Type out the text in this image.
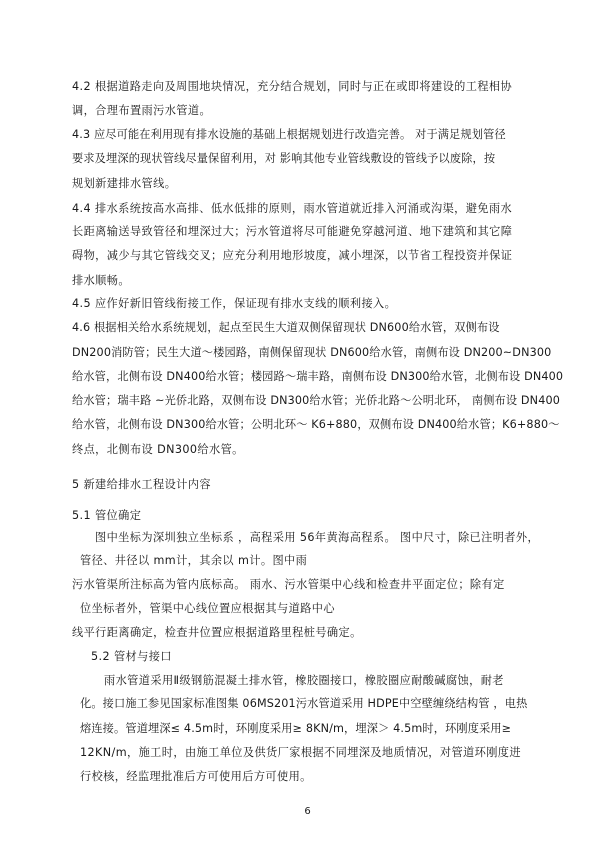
4.2 根据道路走向及周围地块情况，充分结合规划，同时与正在或即将建设的工程相协
调，合理布置雨污水管道。
4.3 应尽可能在利用现有排水设施的基础上根据规划进行改造完善。 对于满足规划管径
要求及埋深的现状管线尽量保留利用，对 影响其他专业管线敷设的管线予以废除，按
规划新建排水管线。
4.4 排水系统按高水高排、低水低排的原则，雨水管道就近排入河涌或沟渠，避免雨水
长距离输送导致管径和埋深过大；污水管道将尽可能避免穿越河道、地下建筑和其它障
碍物，减少与其它管线交叉；应充分利用地形坡度，减小埋深，以节省工程投资并保证
排水顺畅。
4.5 应作好新旧管线衔接工作，保证现有排水支线的顺利接入。
4.6 根据相关给水系统规划，起点至民生大道双侧保留现状 DN600给水管，双侧布设
DN200消防管；民生大道～楼园路，南侧保留现状 DN600给水管，南侧布设 DN200~DN300
给水管，北侧布设 DN400给水管；楼园路～瑞丰路，南侧布设 DN300给水管，北侧布设 DN400
给水管；瑞丰路 ~光侨北路，双侧布设 DN300给水管；光侨北路～公明北环， 南侧布设 DN400
给水管，北侧布设 DN300给水管；公明北环～ K6+880，双侧布设 DN400给水管；K6+880～
终点，北侧布设 DN300给水管。
5 新建给排水工程设计内容
5.1 管位确定
图中坐标为深圳独立坐标系 ，高程采用 56年黄海高程系。 图中尺寸，除已注明者外，
管径、井径以 mm计，其余以 m计。图中雨
污水管渠所注标高为管内底标高。 雨水、污水管渠中心线和检查井平面定位；除有定
位坐标者外，管渠中心线位置应根据其与道路中心
线平行距离确定，检查井位置应根据道路里程桩号确定。
5.2 管材与接口
雨水管道采用Ⅱ级钢筋混凝土排水管，橡胶圈接口，橡胶圈应耐酸碱腐蚀，耐老
化。接口施工参见国家标准图集 06MS201污水管道采用 HDPE中空壁缠绕结构管 ，电热
熔连接。管道埋深≤ 4.5m时，环刚度采用≥ 8KN/m，埋深＞ 4.5m时，环刚度采用≥
12KN/m，施工时，由施工单位及供货厂家根据不同埋深及地质情况，对管道环刚度进
行校核，经监理批准后方可使用后方可使用。
6
